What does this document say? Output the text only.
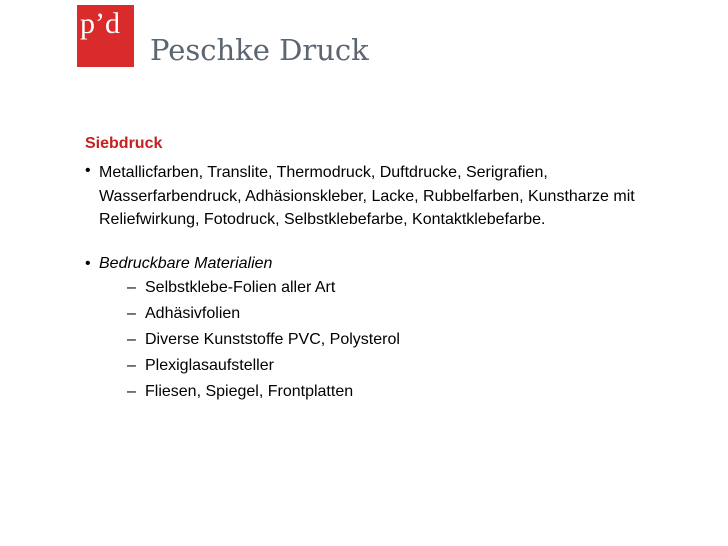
p’d
Peschke Druck
Siebdruck
• Metallicfarben, Translite, Thermodruck, Duftdrucke, Serigrafien, Wasserfarbendruck, Adhäsionskleber, Lacke, Rubbelfarben, Kunstharze mit Reliefwirkung, Fotodruck, Selbstklebefarbe, Kontaktklebefarbe.
• Bedruckbare Materialien
– Selbstklebe-Folien aller Art
– Adhäsivfolien
– Diverse Kunststoffe PVC, Polysterol
– Plexiglasaufsteller
– Fliesen, Spiegel, Frontplatten
